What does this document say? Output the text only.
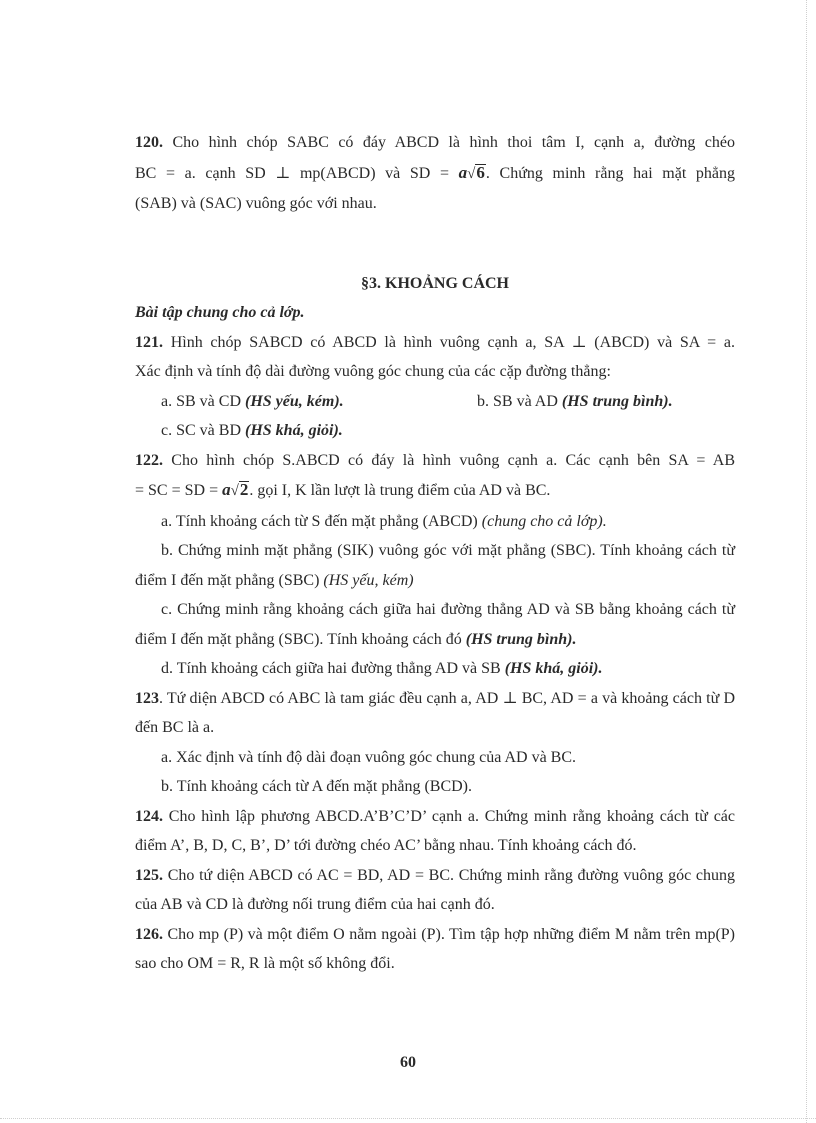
120. Cho hình chóp SABC có đáy ABCD là hình thoi tâm I, cạnh a, đường chéo

BC = a. cạnh SD ⊥ mp(ABCD) và SD = a√6. Chứng minh rằng hai mặt phẳng

(SAB) và (SAC) vuông góc với nhau.

§3. KHOẢNG CÁCH

Bài tập chung cho cả lớp.

121. Hình chóp SABCD có ABCD là hình vuông cạnh a, SA ⊥ (ABCD) và SA = a.

Xác định và tính độ dài đường vuông góc chung của các cặp đường thẳng:

a. SB và CD (HS yếu, kém).	b. SB và AD (HS trung bình).

c. SC và BD (HS khá, giỏi).

122. Cho hình chóp S.ABCD có đáy là hình vuông cạnh a. Các cạnh bên SA = AB

= SC = SD = a√2. gọi I, K lần lượt là trung điểm của AD và BC.

a. Tính khoảng cách từ S đến mặt phẳng (ABCD) (chung cho cả lớp).

b. Chứng minh mặt phẳng (SIK) vuông góc với mặt phẳng (SBC). Tính khoảng cách từ điểm I đến mặt phẳng (SBC) (HS yếu, kém)

c. Chứng minh rằng khoảng cách giữa hai đường thẳng AD và SB bằng khoảng cách từ điểm I đến mặt phẳng (SBC). Tính khoảng cách đó (HS trung bình).

d. Tính khoảng cách giữa hai đường thẳng AD và SB (HS khá, giỏi).

123. Tứ diện ABCD có ABC là tam giác đều cạnh a, AD ⊥ BC, AD = a và khoảng cách từ D đến BC là a.

a. Xác định và tính độ dài đoạn vuông góc chung của AD và BC.

b. Tính khoảng cách từ A đến mặt phẳng (BCD).

124. Cho hình lập phương ABCD.A’B’C’D’ cạnh a. Chứng minh rằng khoảng cách từ các điểm A’, B, D, C, B’, D’ tới đường chéo AC’ bằng nhau. Tính khoảng cách đó.

125. Cho tứ diện ABCD có AC = BD, AD = BC. Chứng minh rằng đường vuông góc chung của AB và CD là đường nối trung điểm của hai cạnh đó.

126. Cho mp (P) và một điểm O nằm ngoài (P). Tìm tập hợp những điểm M nằm trên mp(P) sao cho OM = R, R là một số không đổi.

60
